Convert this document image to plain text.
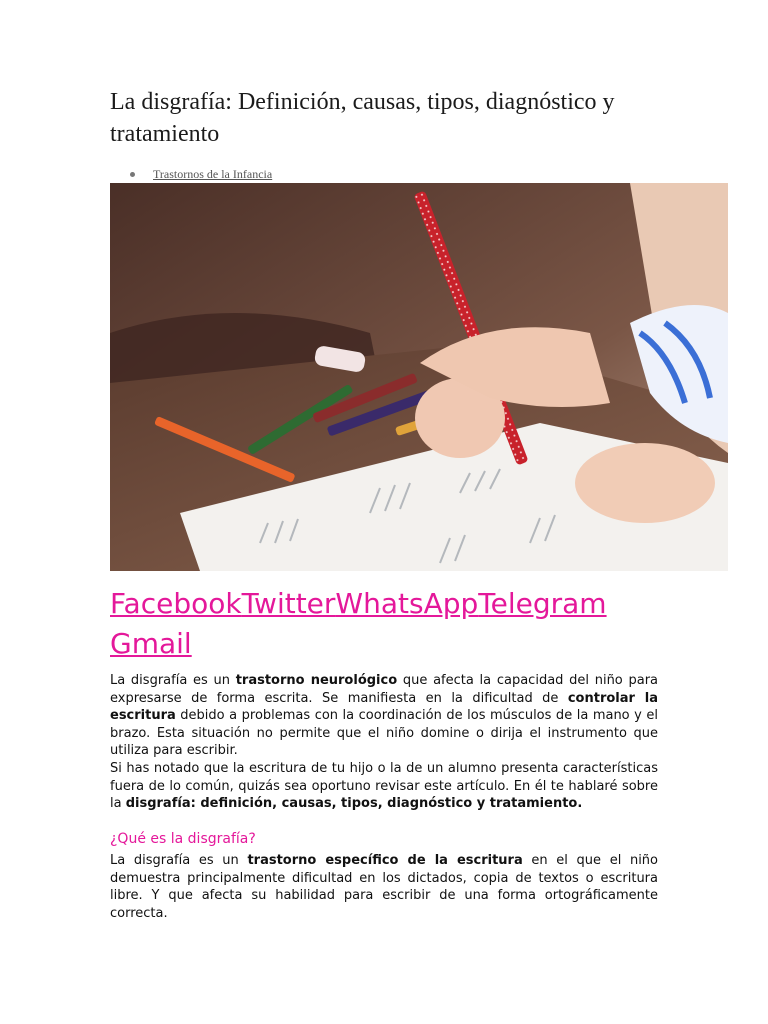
La disgrafía: Definición, causas, tipos, diagnóstico y tratamiento
Trastornos de la Infancia

FacebookTwitterWhatsAppTelegram
Gmail

La disgrafía es un trastorno neurológico que afecta la capacidad del niño para expresarse de forma escrita. Se manifiesta en la dificultad de controlar la escritura debido a problemas con la coordinación de los músculos de la mano y el brazo. Esta situación no permite que el niño domine o dirija el instrumento que utiliza para escribir.

Si has notado que la escritura de tu hijo o la de un alumno presenta características fuera de lo común, quizás sea oportuno revisar este artículo. En él te hablaré sobre la disgrafía: definición, causas, tipos, diagnóstico y tratamiento.

¿Qué es la disgrafía?

La disgrafía es un trastorno específico de la escritura en el que el niño demuestra principalmente dificultad en los dictados, copia de textos o escritura libre. Y que afecta su habilidad para escribir de una forma ortográficamente correcta.
